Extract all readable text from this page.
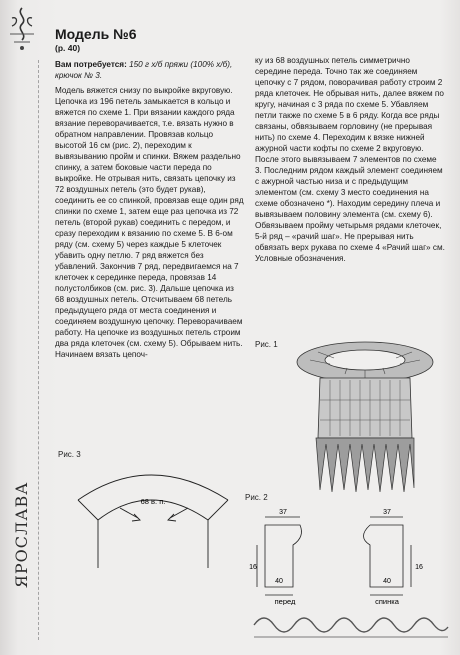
ЯРОСЛАВА
Модель №6
(р. 40)
Вам потребуется: 150 г х/б пряжи (100% х/б), крючок № 3.

Модель вяжется снизу по выкройке вкруговую. Цепочка из 196 петель замыкается в кольцо и вяжется по схеме 1. При вязании каждого ряда вязание переворачивается, т.е. вязать нужно в обратном направлении. Провязав кольцо высотой 16 см (рис. 2), переходим к вывязыванию пройм и спинки. Вяжем раздельно спинку, а затем боковые части переда по выкройке. Не отрывая нить, связать цепочку из 72 воздушных петель (это будет рукав), соединить ее со спинкой, провязав еще один ряд спинки по схеме 1, затем еще раз цепочка из 72 петель (второй рукав) соединить с передом, и сразу переходим к вязанию по схеме 5. В 6-ом ряду (см. схему 5) через каждые 5 клеточек убавить одну петлю. 7 ряд вяжется без убавлений. Закончив 7 ряд, передвигаемся на 7 клеточек к серединке переда, провязав 14 полустолбиков (см. рис. 3). Дальше цепочка из 68 воздушных петель. Отсчитываем 68 петель предыдущего ряда от места соединения и соединяем воздушную цепочку. Переворачиваем работу. На цепочке из воздушных петель строим два ряда клеточек (см. схему 5). Обрываем нить. Начинаем вязать цепоч-

ку из 68 воздушных петель симметрично середине переда. Точно так же соединяем цепочку с 7 рядом, поворачивая работу строим 2 ряда клеточек. Не обрывая нить, далее вяжем по кругу, начиная с 3 ряда по схеме 5. Убавляем петли также по схеме 5 в 6 ряду. Когда все ряды связаны, обвязываем горловину (не прерывая нить) по схеме 4. Переходим к вязке нижней ажурной части кофты по схеме 2 вкруговую. После этого вывязываем 7 элементов по схеме 3. Последним рядом каждый элемент соединяем с ажурной частью низа и с предыдущим элементом (см. схему 3 место соединения на схеме обозначено *). Находим середину плеча и вывязываем половину элемента (см. схему 6). Обвязываем пройму четырьмя рядами клеточек, 5-й ряд – «рачий шаг». Не прерывая нить обвязать верх рукава по схеме 4 «Рачий шаг» см. Условные обозначения.

Рис. 1
Рис. 2
37	37
16	16
40	40
перед	спинка
Рис. 3
68 в. п.
